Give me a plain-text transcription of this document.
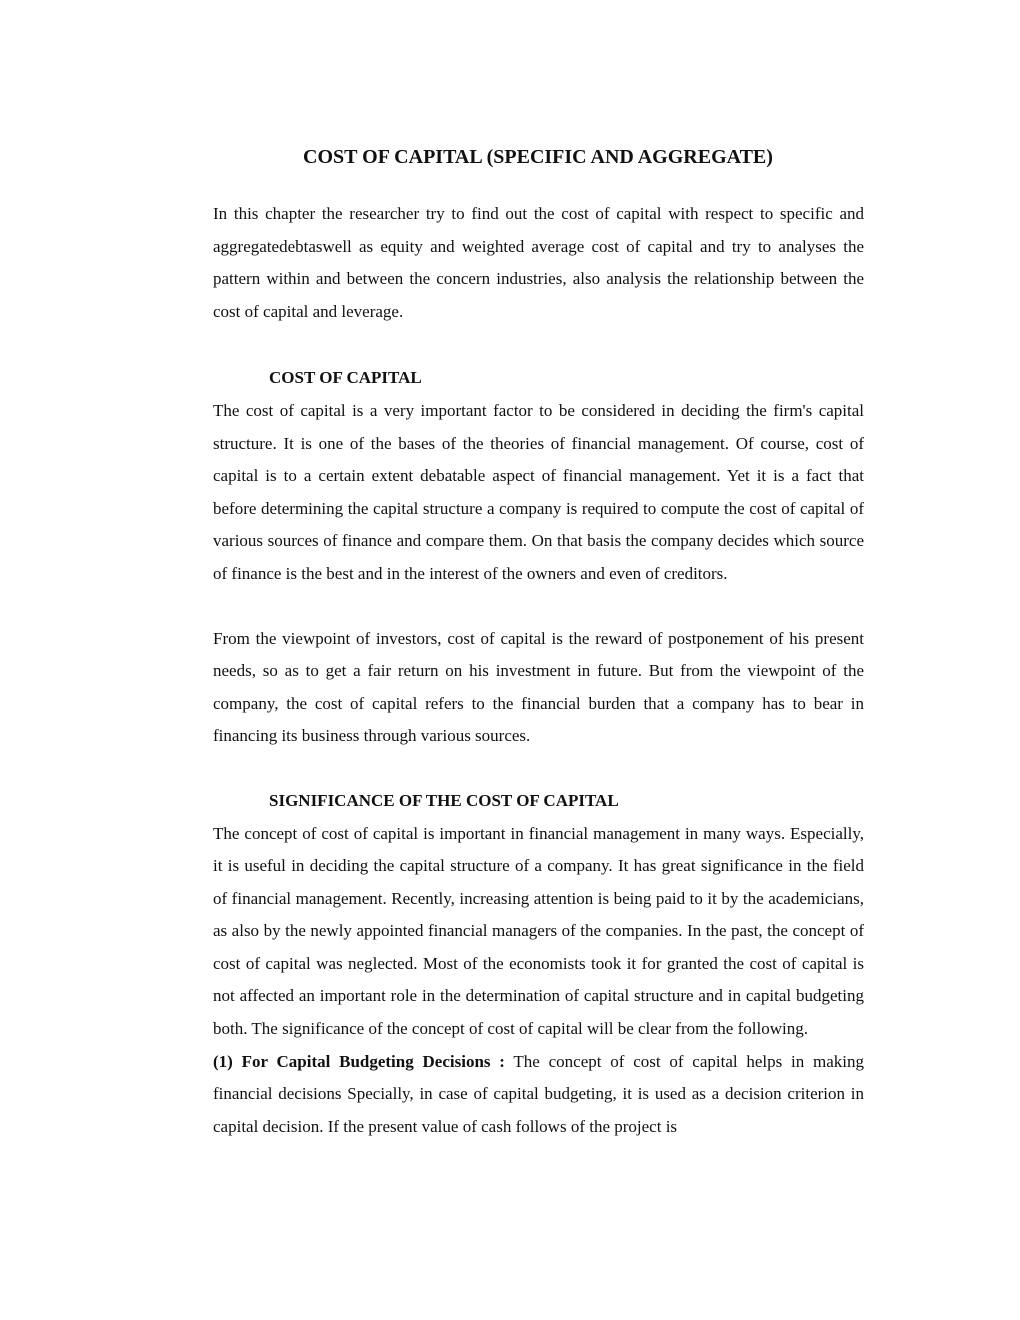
COST OF CAPITAL (SPECIFIC AND AGGREGATE)

In this chapter the researcher try to find out the cost of capital with respect to specific and aggregatedebtaswell as equity and weighted average cost of capital and try to analyses the pattern within and between the concern industries, also analysis the relationship between the cost of capital and leverage.

COST OF CAPITAL

The cost of capital is a very important factor to be considered in deciding the firm's capital structure. It is one of the bases of the theories of financial management. Of course, cost of capital is to a certain extent debatable aspect of financial management. Yet it is a fact that before determining the capital structure a company is required to compute the cost of capital of various sources of finance and compare them. On that basis the company decides which source of finance is the best and in the interest of the owners and even of creditors.

From the viewpoint of investors, cost of capital is the reward of postponement of his present needs, so as to get a fair return on his investment in future. But from the viewpoint of the company, the cost of capital refers to the financial burden that a company has to bear in financing its business through various sources.

SIGNIFICANCE OF THE COST OF CAPITAL

The concept of cost of capital is important in financial management in many ways. Especially, it is useful in deciding the capital structure of a company. It has great significance in the field of financial management. Recently, increasing attention is being paid to it by the academicians, as also by the newly appointed financial managers of the companies. In the past, the concept of cost of capital was neglected. Most of the economists took it for granted the cost of capital is not affected an important role in the determination of capital structure and in capital budgeting both. The significance of the concept of cost of capital will be clear from the following.

(1) For Capital Budgeting Decisions : The concept of cost of capital helps in making financial decisions Specially, in case of capital budgeting, it is used as a decision criterion in capital decision. If the present value of cash follows of the project is
